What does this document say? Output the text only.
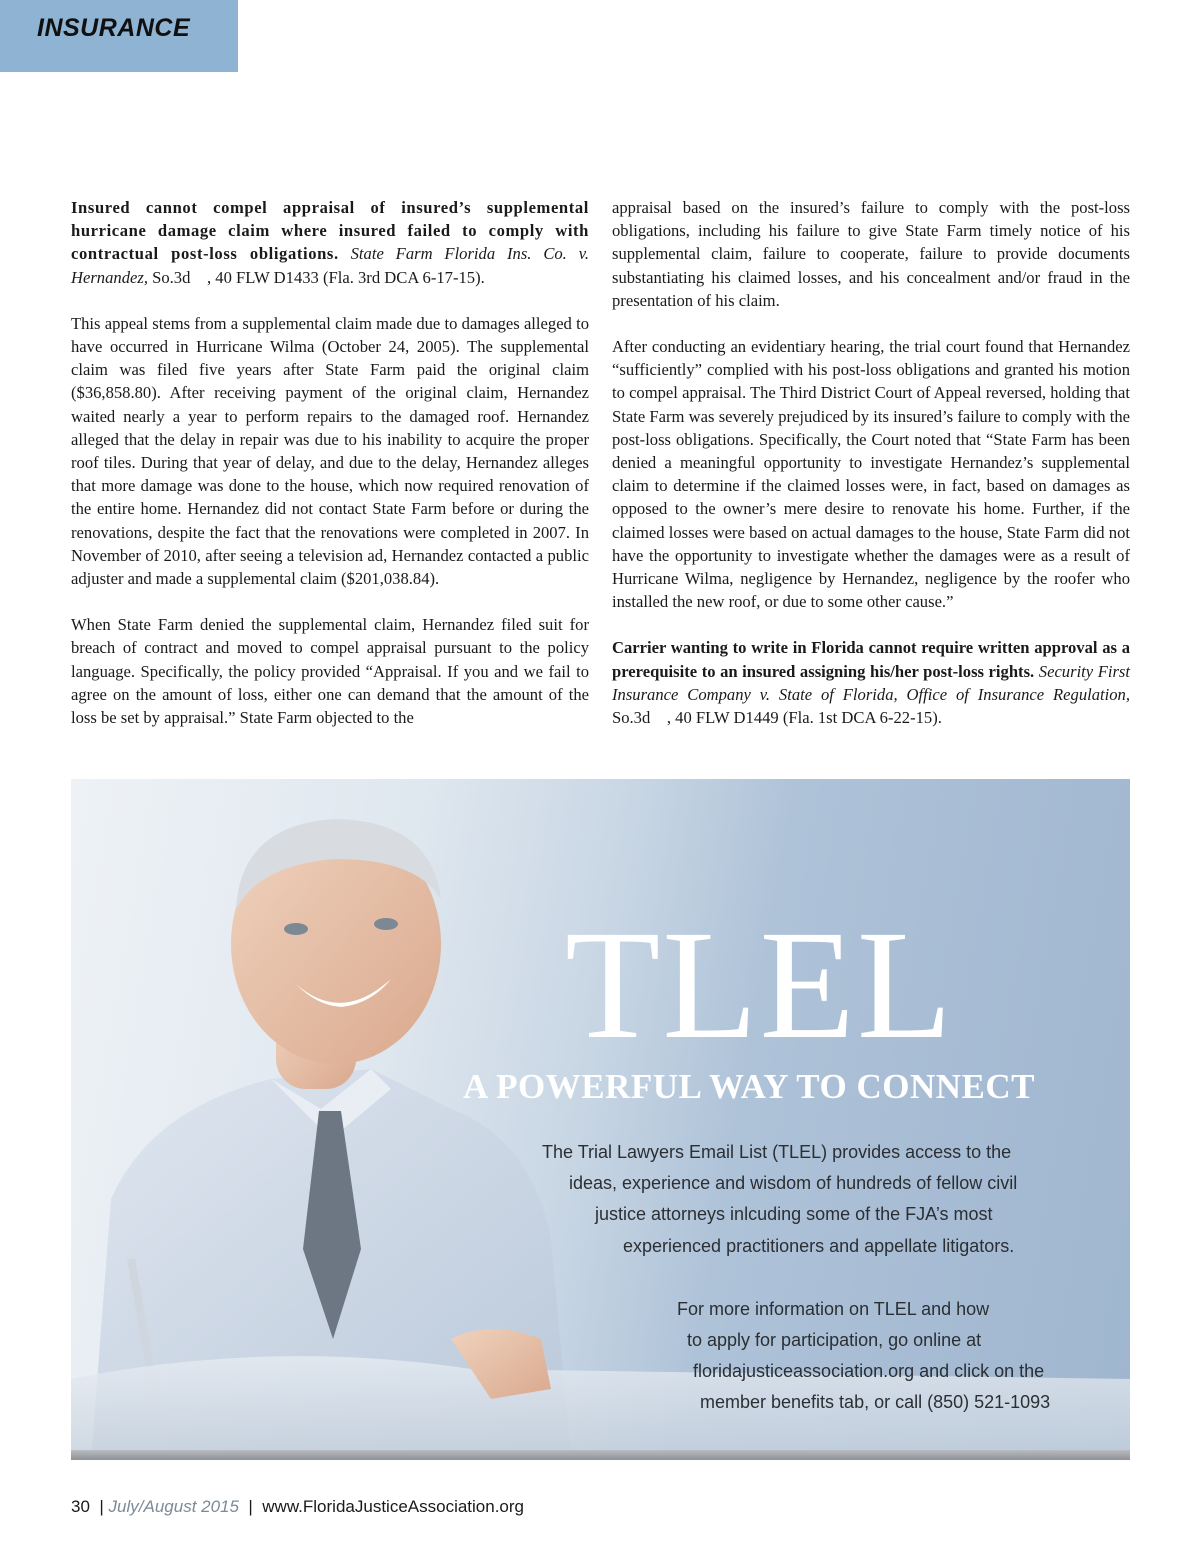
INSURANCE

Insured cannot compel appraisal of insured’s supplemental hurricane damage claim where insured failed to comply with contractual post-loss obligations. State Farm Florida Ins. Co. v. Hernandez, So.3d    , 40 FLW D1433 (Fla. 3rd DCA 6-17-15).

This appeal stems from a supplemental claim made due to damages alleged to have occurred in Hurricane Wilma (October 24, 2005). The supplemental claim was filed five years after State Farm paid the original claim ($36,858.80). After receiving payment of the original claim, Hernandez waited nearly a year to perform repairs to the damaged roof. Hernandez alleged that the delay in repair was due to his inability to acquire the proper roof tiles. During that year of delay, and due to the delay, Hernandez alleges that more damage was done to the house, which now required renovation of the entire home. Hernandez did not contact State Farm before or during the renovations, despite the fact that the renovations were completed in 2007. In November of 2010, after seeing a television ad, Hernandez contacted a public adjuster and made a supplemental claim ($201,038.84).

When State Farm denied the supplemental claim, Hernandez filed suit for breach of contract and moved to compel appraisal pursuant to the policy language. Specifically, the policy provided “Appraisal. If you and we fail to agree on the amount of loss, either one can demand that the amount of the loss be set by appraisal.” State Farm objected to the

appraisal based on the insured’s failure to comply with the post-loss obligations, including his failure to give State Farm timely notice of his supplemental claim, failure to cooperate, failure to provide documents substantiating his claimed losses, and his concealment and/or fraud in the presentation of his claim.

After conducting an evidentiary hearing, the trial court found that Hernandez “sufficiently” complied with his post-loss obligations and granted his motion to compel appraisal. The Third District Court of Appeal reversed, holding that State Farm was severely prejudiced by its insured’s failure to comply with the post-loss obligations. Specifically, the Court noted that “State Farm has been denied a meaningful opportunity to investigate Hernandez’s supplemental claim to determine if the claimed losses were, in fact, based on damages as opposed to the owner’s mere desire to renovate his home. Further, if the claimed losses were based on actual damages to the house, State Farm did not have the opportunity to investigate whether the damages were as a result of Hurricane Wilma, negligence by Hernandez, negligence by the roofer who installed the new roof, or due to some other cause.”

Carrier wanting to write in Florida cannot require written approval as a prerequisite to an insured assigning his/her post-loss rights. Security First Insurance Company v. State of Florida, Office of Insurance Regulation, So.3d    , 40 FLW D1449 (Fla. 1st DCA 6-22-15).

TLEL
A POWERFUL WAY TO CONNECT
The Trial Lawyers Email List (TLEL) provides access to the
ideas, experience and wisdom of hundreds of fellow civil
justice attorneys inlcuding some of the FJA’s most
experienced practitioners and appellate litigators.
For more information on TLEL and how
to apply for participation, go online at
floridajusticeassociation.org and click on the
member benefits tab, or call (850) 521-1093
30  | July/August 2015  |  www.FloridaJusticeAssociation.org
